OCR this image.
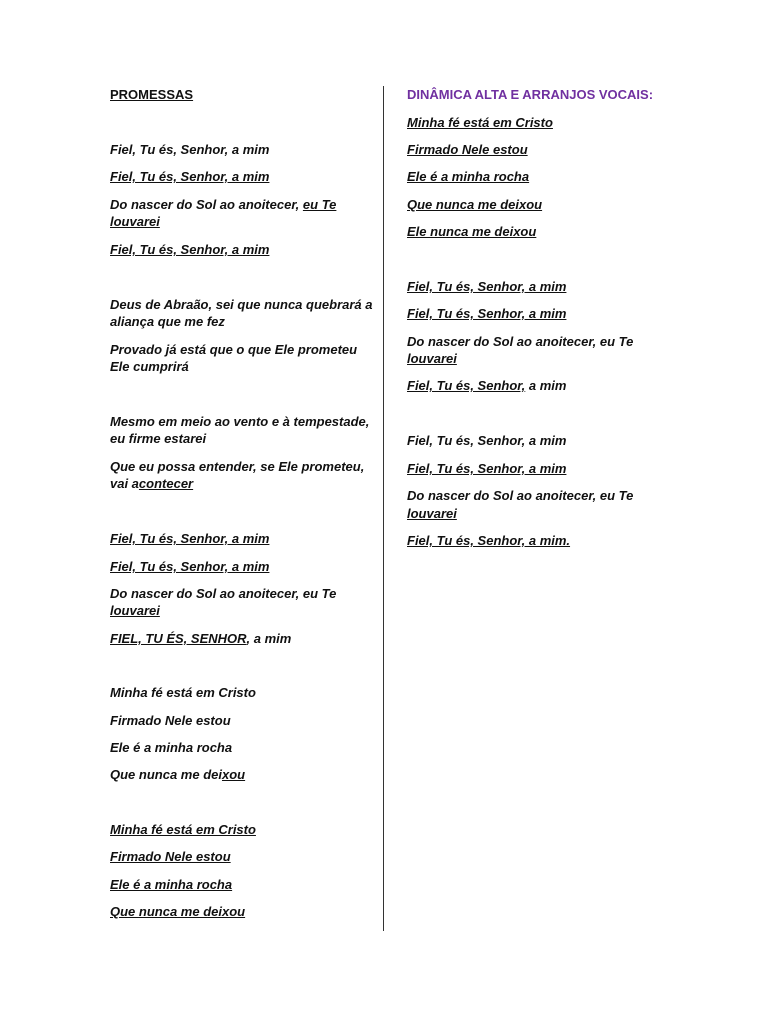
PROMESSAS
Fiel, Tu és, Senhor, a mim
Fiel, Tu és, Senhor, a mim
Do nascer do Sol ao anoitecer, eu Te
louvarei
Fiel, Tu és, Senhor, a mim
Deus de Abraão, sei que nunca quebrará a
aliança que me fez
Provado já está que o que Ele prometeu
Ele cumprirá
Mesmo em meio ao vento e à tempestade,
eu firme estarei
Que eu possa entender, se Ele prometeu,
vai acontecer
Fiel, Tu és, Senhor, a mim
Fiel, Tu és, Senhor, a mim
Do nascer do Sol ao anoitecer, eu Te
louvarei
FIEL, TU ÉS, SENHOR, a mim
Minha fé está em Cristo
Firmado Nele estou
Ele é a minha rocha
Que nunca me deixou
Minha fé está em Cristo
Firmado Nele estou
Ele é a minha rocha
Que nunca me deixou
DINÂMICA ALTA E ARRANJOS VOCAIS:
Minha fé está em Cristo
Firmado Nele estou
Ele é a minha rocha
Que nunca me deixou
Ele nunca me deixou
Fiel, Tu és, Senhor, a mim
Fiel, Tu és, Senhor, a mim
Do nascer do Sol ao anoitecer, eu Te
louvarei
Fiel, Tu és, Senhor, a mim
Fiel, Tu és, Senhor, a mim
Fiel, Tu és, Senhor, a mim
Do nascer do Sol ao anoitecer, eu Te
louvarei
Fiel, Tu és, Senhor, a mim.
